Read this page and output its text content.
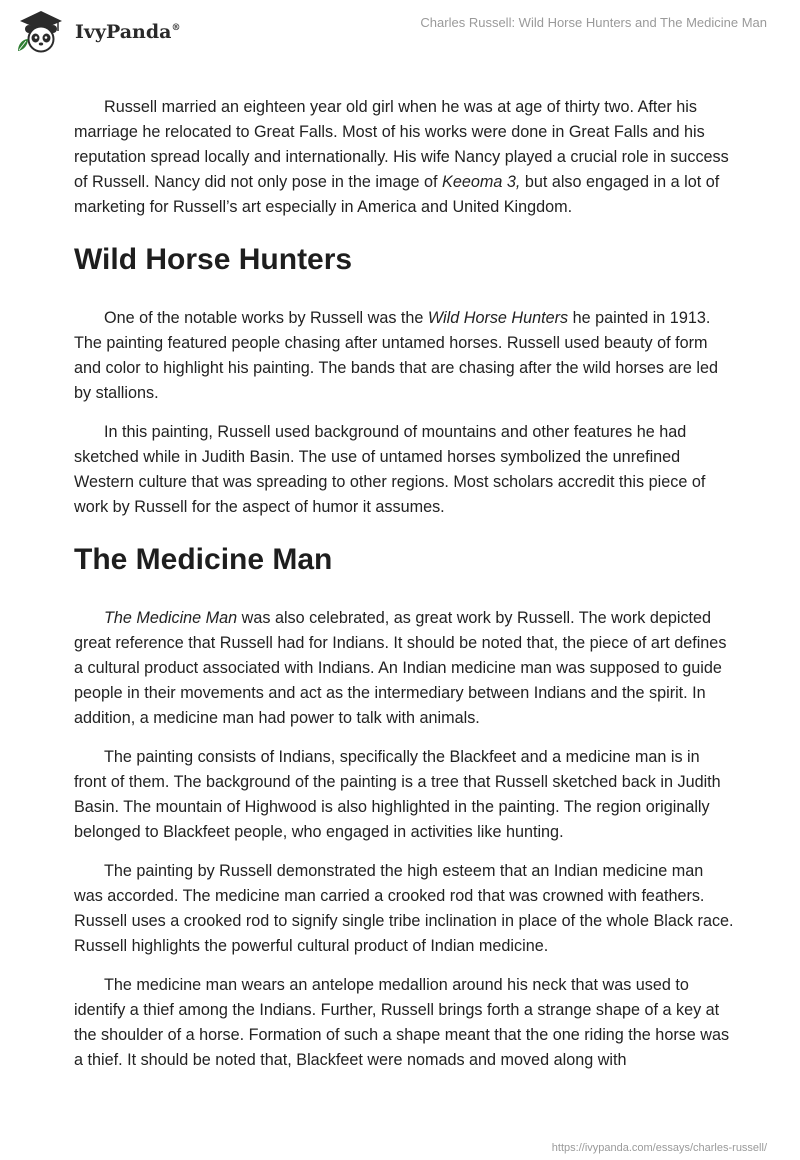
IvyPanda®	Charles Russell: Wild Horse Hunters and The Medicine Man

Russell married an eighteen year old girl when he was at age of thirty two. After his marriage he relocated to Great Falls. Most of his works were done in Great Falls and his reputation spread locally and internationally. His wife Nancy played a crucial role in success of Russell. Nancy did not only pose in the image of Keeoma 3, but also engaged in a lot of marketing for Russell’s art especially in America and United Kingdom.

Wild Horse Hunters

One of the notable works by Russell was the Wild Horse Hunters he painted in 1913. The painting featured people chasing after untamed horses. Russell used beauty of form and color to highlight his painting. The bands that are chasing after the wild horses are led by stallions.

In this painting, Russell used background of mountains and other features he had sketched while in Judith Basin. The use of untamed horses symbolized the unrefined Western culture that was spreading to other regions. Most scholars accredit this piece of work by Russell for the aspect of humor it assumes.

The Medicine Man

The Medicine Man was also celebrated, as great work by Russell. The work depicted great reference that Russell had for Indians. It should be noted that, the piece of art defines a cultural product associated with Indians. An Indian medicine man was supposed to guide people in their movements and act as the intermediary between Indians and the spirit. In addition, a medicine man had power to talk with animals.

The painting consists of Indians, specifically the Blackfeet and a medicine man is in front of them. The background of the painting is a tree that Russell sketched back in Judith Basin. The mountain of Highwood is also highlighted in the painting. The region originally belonged to Blackfeet people, who engaged in activities like hunting.

The painting by Russell demonstrated the high esteem that an Indian medicine man was accorded. The medicine man carried a crooked rod that was crowned with feathers. Russell uses a crooked rod to signify single tribe inclination in place of the whole Black race. Russell highlights the powerful cultural product of Indian medicine.

The medicine man wears an antelope medallion around his neck that was used to identify a thief among the Indians. Further, Russell brings forth a strange shape of a key at the shoulder of a horse. Formation of such a shape meant that the one riding the horse was a thief. It should be noted that, Blackfeet were nomads and moved along with

https://ivypanda.com/essays/charles-russell/
